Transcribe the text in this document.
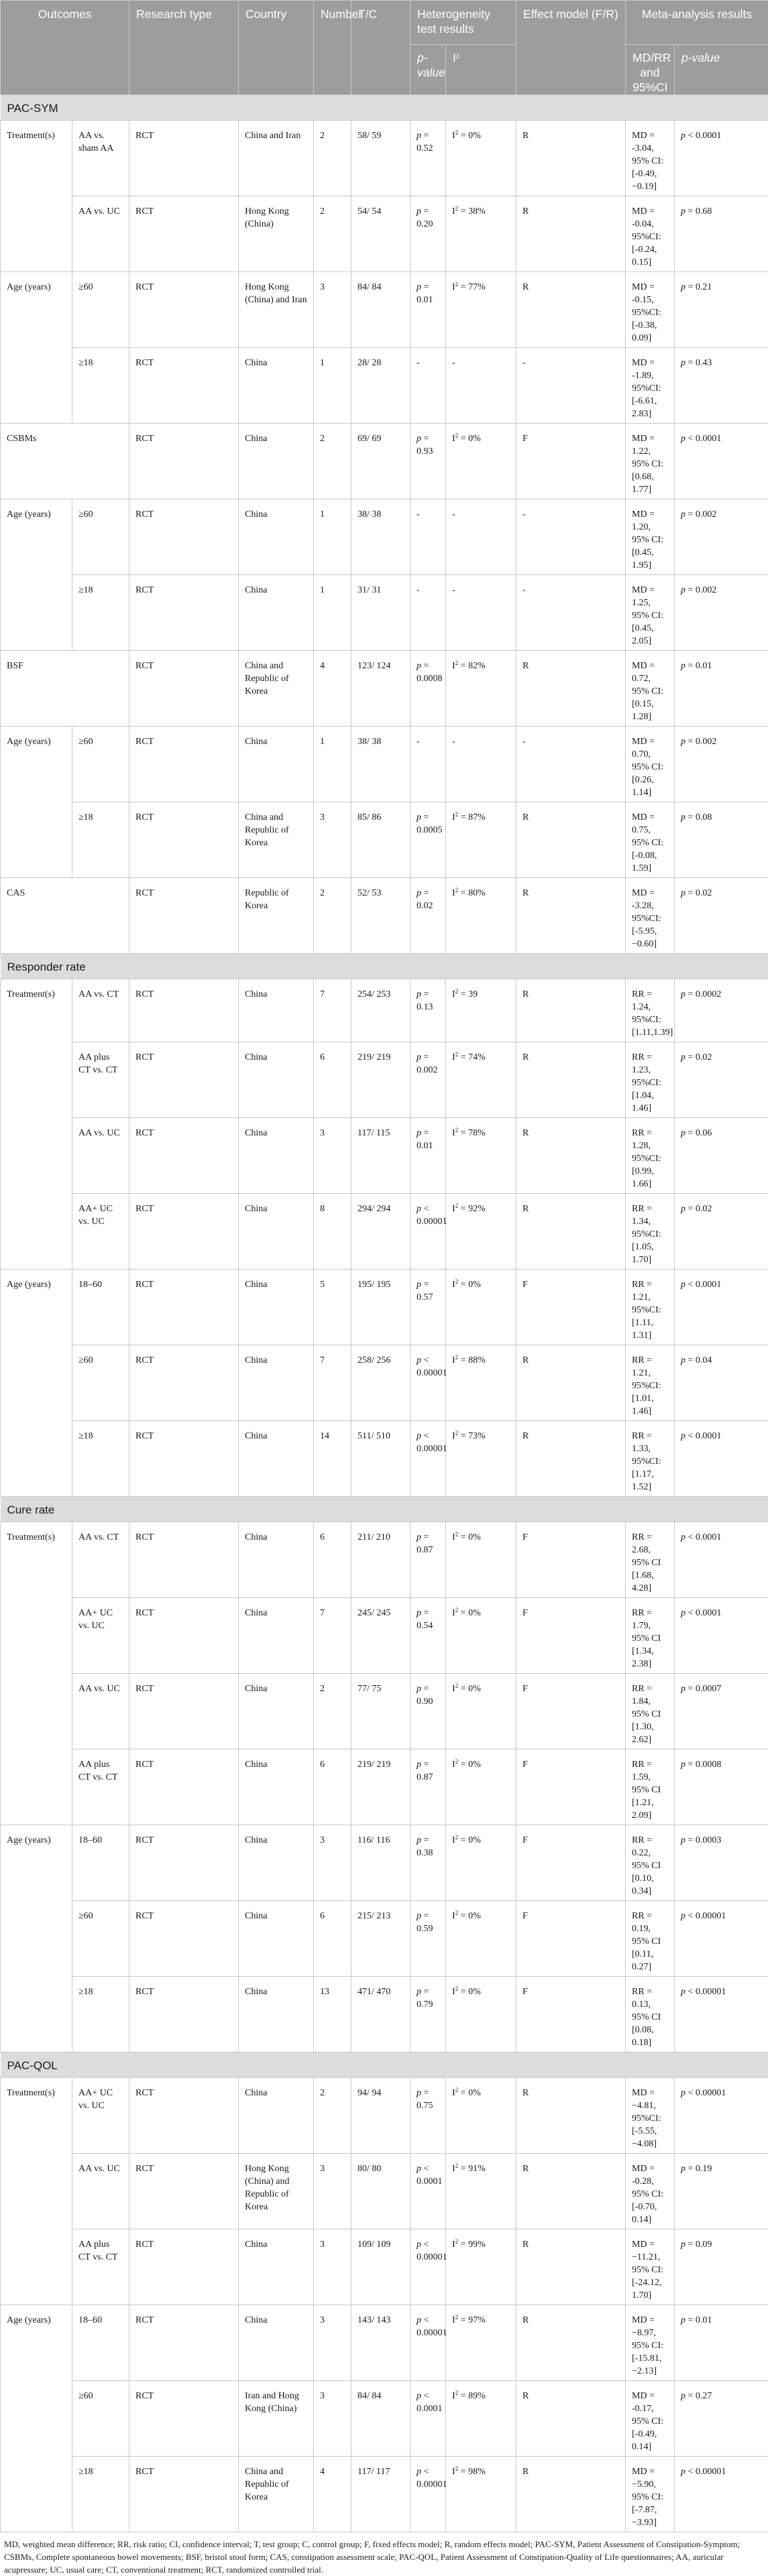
Outcomes		Research type	Country	Number	T/C	Heterogeneity test results		Effect model (F/R)	Meta-analysis results	
						p-value	$I^2$		MD/RR and 95%CI	p-value
PAC-SYM										
Treatment(s)	AA vs. sham AA	RCT	China and Iran	2	58/ 59	p = 0.52	$I^2 = 0\%$	R	MD = -3.04, 95% CI: [-0.49, −0.19]	p < 0.0001
	AA vs. UC	RCT	Hong Kong (China)	2	54/ 54	p = 0.20	$I^2 = 38\%$	R	MD = -0.04, 95%CI: [-0.24, 0.15]	p = 0.68
Age (years)	≥60	RCT	Hong Kong (China) and Iran	3	84/ 84	p = 0.01	$I^2 = 77\%$	R	MD = -0.15, 95%CI: [-0.38, 0.09]	p = 0.21
	≥18	RCT	China	1	28/ 28	-	-	-	MD = -1.89, 95%CI: [-6.61, 2.83]	p = 0.43
CSBMs		RCT	China	2	69/ 69	p = 0.93	$I^2 = 0\%$	F	MD = 1.22, 95% CI: [0.68, 1.77]	p < 0.0001
Age (years)	≥60	RCT	China	1	38/ 38	-	-	-	MD = 1.20, 95% CI: [0.45, 1.95]	p = 0.002
	≥18	RCT	China	1	31/ 31	-	-	-	MD = 1.25, 95% CI: [0.45, 2.05]	p = 0.002
BSF		RCT	China and Republic of Korea	4	123/ 124	p = 0.0008	$I^2 = 82\%$	R	MD = 0.72, 95% CI: [0.15, 1.28]	p = 0.01
Age (years)	≥60	RCT	China	1	38/ 38	-	-	-	MD = 0.70, 95% CI: [0.26, 1.14]	p = 0.002
	≥18	RCT	China and Republic of Korea	3	85/ 86	p = 0.0005	$I^2 = 87\%$	R	MD = 0.75, 95% CI: [-0.08, 1.59]	p = 0.08
CAS		RCT	Republic of Korea	2	52/ 53	p = 0.02	$I^2 = 80\%$	R	MD = -3.28, 95%CI: [-5.95, −0.60]	p = 0.02
Responder rate										
Treatment(s)	AA vs. CT	RCT	China	7	254/ 253	p = 0.13	$I^2 = 39$	R	RR = 1.24, 95%CI: [1.11,1.39]	p = 0.0002
	AA plus CT vs. CT	RCT	China	6	219/ 219	p = 0.002	$I^2 = 74\%$	R	RR = 1.23, 95%CI: [1.04, 1.46]	p = 0.02
	AA vs. UC	RCT	China	3	117/ 115	p = 0.01	$I^2 = 78\%$	R	RR = 1.28, 95%CI: [0.99, 1.66]	p = 0.06
	AA+ UC vs. UC	RCT	China	8	294/ 294	p < 0.00001	$I^2 = 92\%$	R	RR = 1.34, 95%CI: [1.05, 1.70]	p = 0.02
Age (years)	18–60	RCT	China	5	195/ 195	p = 0.57	$I^2 = 0\%$	F	RR = 1.21, 95%CI: [1.11, 1.31]	p < 0.0001
	≥60	RCT	China	7	258/ 256	p < 0.00001	$I^2 = 88\%$	R	RR = 1.21, 95%CI: [1.01, 1.46]	p = 0.04
	≥18	RCT	China	14	511/ 510	p < 0.00001	$I^2 = 73\%$	R	RR = 1.33, 95%CI: [1.17, 1.52]	p < 0.0001
Cure rate										
Treatment(s)	AA vs. CT	RCT	China	6	211/ 210	p = 0.87	$I^2 = 0\%$	F	RR = 2.68, 95% CI [1.68, 4.28]	p < 0.0001
	AA+ UC vs. UC	RCT	China	7	245/ 245	p = 0.54	$I^2 = 0\%$	F	RR = 1.79, 95% CI [1.34, 2.38]	p < 0.0001
	AA vs. UC	RCT	China	2	77/ 75	p = 0.90	$I^2 = 0\%$	F	RR = 1.84, 95% CI [1.30, 2.62]	p = 0.0007
	AA plus CT vs. CT	RCT	China	6	219/ 219	p = 0.87	$I^2 = 0\%$	F	RR = 1.59, 95% CI [1.21, 2.09]	p = 0.0008
Age (years)	18–60	RCT	China	3	116/ 116	p = 0.38	$I^2 = 0\%$	F	RR = 0.22, 95% CI [0.10, 0.34]	p = 0.0003
	≥60	RCT	China	6	215/ 213	p = 0.59	$I^2 = 0\%$	F	RR = 0.19, 95% CI [0.11, 0.27]	p < 0.00001
	≥18	RCT	China	13	471/ 470	p = 0.79	$I^2 = 0\%$	F	RR = 0.13, 95% CI [0.08, 0.18]	p < 0.00001
PAC-QOL										
Treatment(s)	AA+ UC vs. UC	RCT	China	2	94/ 94	p = 0.75	$I^2 = 0\%$	R	MD = −4.81, 95%CI: [-5.55, −4.08]	p < 0.00001
	AA vs. UC	RCT	Hong Kong (China) and Republic of Korea	3	80/ 80	p < 0.0001	$I^2 = 91\%$	R	MD = -0.28, 95% CI: [-0.70, 0.14]	p = 0.19
	AA plus CT vs. CT	RCT	China	3	109/ 109	p < 0.00001	$I^2 = 99\%$	R	MD = −11.21, 95% CI: [-24.12, 1.70]	p = 0.09
Age (years)	18–60	RCT	China	3	143/ 143	p < 0.00001	$I^2 = 97\%$	R	MD = −8.97, 95% CI: [-15.81, −2.13]	p = 0.01
	≥60	RCT	Iran and Hong Kong (China)	3	84/ 84	p < 0.0001	$I^2 = 89\%$	R	MD = -0.17, 95% CI: [-0.49, 0.14]	p = 0.27
	≥18	RCT	China and Republic of Korea	4	117/ 117	p < 0.00001	$I^2 = 98\%$	R	MD = −5.90, 95% CI: [-7.87, −3.93]	p < 0.00001
MD, weighted mean difference; RR, risk ratio; CI, confidence interval; T, test group; C, control group; F, fixed effects model; R, random effects model; PAC-SYM, Patient Assessment of Constipation-Symptom; CSBMs, Complete spontaneous bowel movements; BSF, bristol stool form; CAS, constipation assessment scale; PAC-QOL, Patient Assessment of Constipation-Quality of Life questionnaires; AA, auricular acupressure; UC, usual care; CT, conventional treatment; RCT, randomized controlled trial.
